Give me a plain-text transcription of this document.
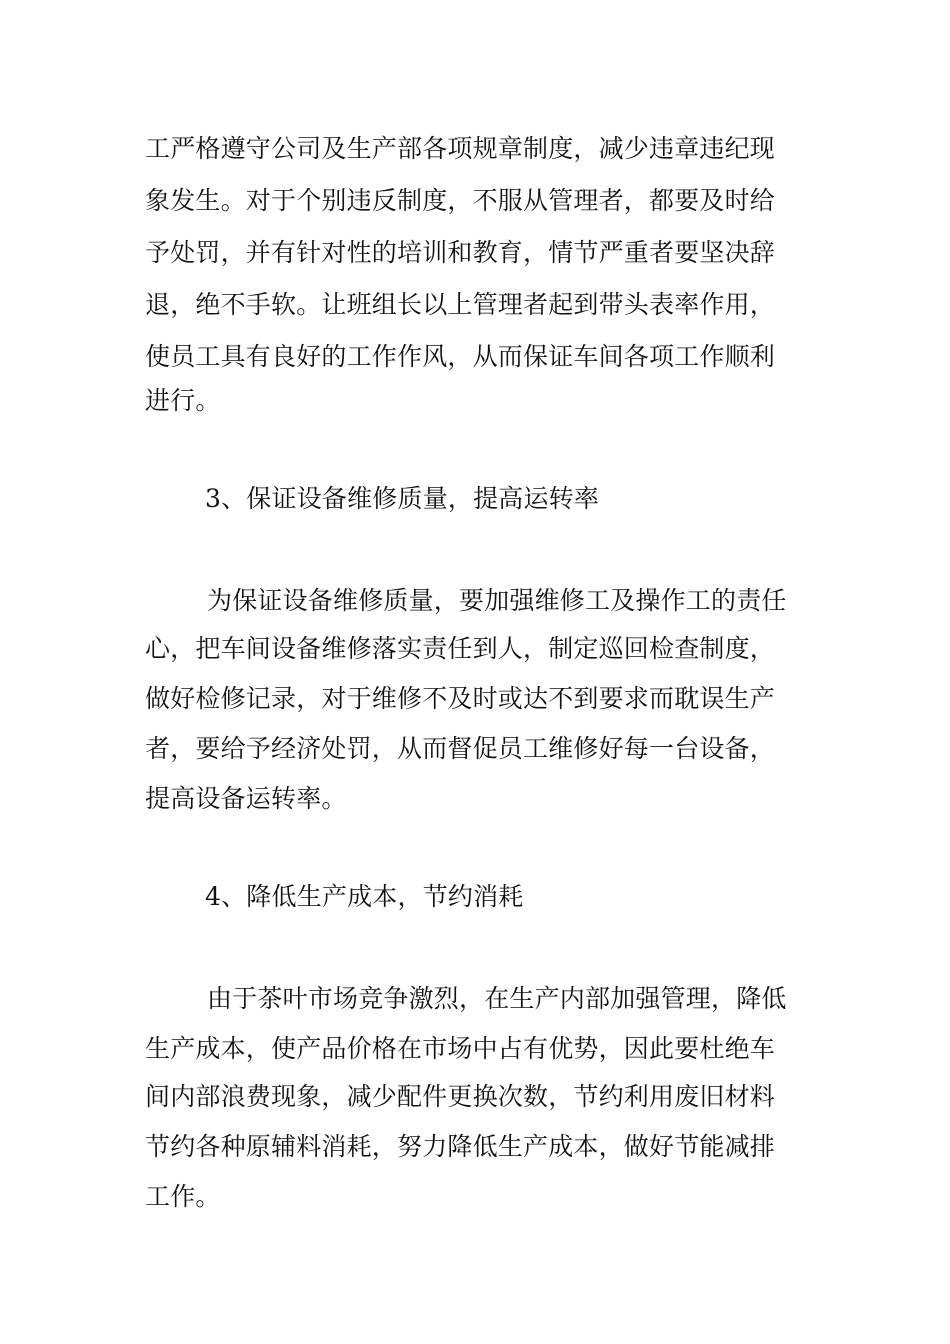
工严格遵守公司及生产部各项规章制度，减少违章违纪现
象发生。对于个别违反制度，不服从管理者，都要及时给
予处罚，并有针对性的培训和教育，情节严重者要坚决辞
退，绝不手软。让班组长以上管理者起到带头表率作用，
使员工具有良好的工作作风，从而保证车间各项工作顺利
进行。
3、保证设备维修质量，提高运转率
为保证设备维修质量，要加强维修工及操作工的责任
心，把车间设备维修落实责任到人，制定巡回检查制度，
做好检修记录，对于维修不及时或达不到要求而耽误生产
者，要给予经济处罚，从而督促员工维修好每一台设备，
提高设备运转率。
4、降低生产成本，节约消耗
由于茶叶市场竞争激烈，在生产内部加强管理，降低
生产成本，使产品价格在市场中占有优势，因此要杜绝车
间内部浪费现象，减少配件更换次数，节约利用废旧材料
节约各种原辅料消耗，努力降低生产成本，做好节能减排
工作。
